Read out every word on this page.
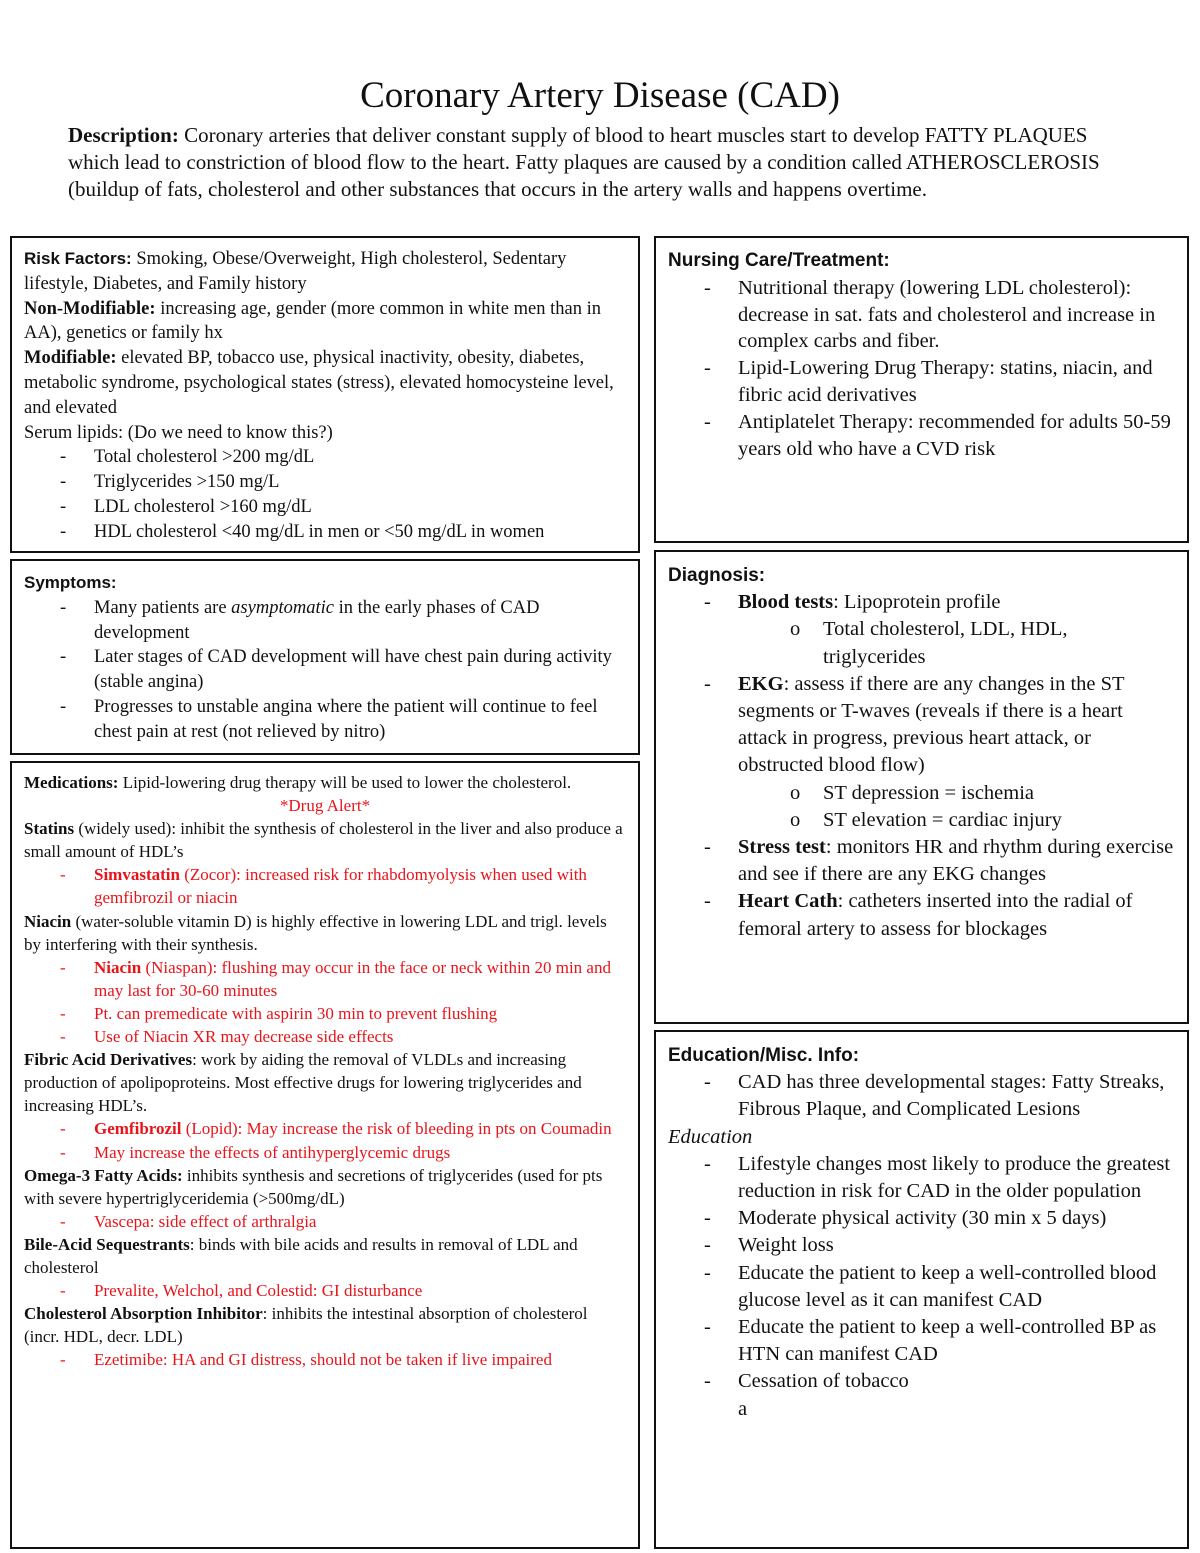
Coronary Artery Disease (CAD)
Description: Coronary arteries that deliver constant supply of blood to heart muscles start to develop FATTY PLAQUES which lead to constriction of blood flow to the heart. Fatty plaques are caused by a condition called ATHEROSCLEROSIS (buildup of fats, cholesterol and other substances that occurs in the artery walls and happens overtime.
Risk Factors: Smoking, Obese/Overweight, High cholesterol, Sedentary lifestyle, Diabetes, and Family history
Non-Modifiable: increasing age, gender (more common in white men than in AA), genetics or family hx
Modifiable: elevated BP, tobacco use, physical inactivity, obesity, diabetes, metabolic syndrome, psychological states (stress), elevated homocysteine level, and elevated
Serum lipids: (Do we need to know this?)
- Total cholesterol >200 mg/dL
- Triglycerides >150 mg/L
- LDL cholesterol >160 mg/dL
- HDL cholesterol <40 mg/dL in men or <50 mg/dL in women
Symptoms:
- Many patients are asymptomatic in the early phases of CAD development
- Later stages of CAD development will have chest pain during activity (stable angina)
- Progresses to unstable angina where the patient will continue to feel chest pain at rest (not relieved by nitro)
Medications: Lipid-lowering drug therapy will be used to lower the cholesterol.
*Drug Alert*
Statins (widely used): inhibit the synthesis of cholesterol in the liver and also produce a small amount of HDL’s
- Simvastatin (Zocor): increased risk for rhabdomyolysis when used with gemfibrozil or niacin
Niacin (water-soluble vitamin D) is highly effective in lowering LDL and trigl. levels by interfering with their synthesis.
- Niacin (Niaspan): flushing may occur in the face or neck within 20 min and may last for 30-60 minutes
- Pt. can premedicate with aspirin 30 min to prevent flushing
- Use of Niacin XR may decrease side effects
Fibric Acid Derivatives: work by aiding the removal of VLDLs and increasing production of apolipoproteins. Most effective drugs for lowering triglycerides and increasing HDL’s.
- Gemfibrozil (Lopid): May increase the risk of bleeding in pts on Coumadin
- May increase the effects of antihyperglycemic drugs
Omega-3 Fatty Acids: inhibits synthesis and secretions of triglycerides (used for pts with severe hypertriglyceridemia (>500mg/dL)
- Vascepa: side effect of arthralgia
Bile-Acid Sequestrants: binds with bile acids and results in removal of LDL and cholesterol
- Prevalite, Welchol, and Colestid: GI disturbance
Cholesterol Absorption Inhibitor: inhibits the intestinal absorption of cholesterol (incr. HDL, decr. LDL)
- Ezetimibe: HA and GI distress, should not be taken if live impaired
Nursing Care/Treatment:
- Nutritional therapy (lowering LDL cholesterol): decrease in sat. fats and cholesterol and increase in complex carbs and fiber.
- Lipid-Lowering Drug Therapy: statins, niacin, and fibric acid derivatives
- Antiplatelet Therapy: recommended for adults 50-59 years old who have a CVD risk
Diagnosis:
- Blood tests: Lipoprotein profile
o Total cholesterol, LDL, HDL, triglycerides
- EKG: assess if there are any changes in the ST segments or T-waves (reveals if there is a heart attack in progress, previous heart attack, or obstructed blood flow)
o ST depression = ischemia
o ST elevation = cardiac injury
- Stress test: monitors HR and rhythm during exercise and see if there are any EKG changes
- Heart Cath: catheters inserted into the radial of femoral artery to assess for blockages
Education/Misc. Info:
- CAD has three developmental stages: Fatty Streaks, Fibrous Plaque, and Complicated Lesions
Education
- Lifestyle changes most likely to produce the greatest reduction in risk for CAD in the older population
- Moderate physical activity (30 min x 5 days)
- Weight loss
- Educate the patient to keep a well-controlled blood glucose level as it can manifest CAD
- Educate the patient to keep a well-controlled BP as HTN can manifest CAD
- Cessation of tobacco
a
